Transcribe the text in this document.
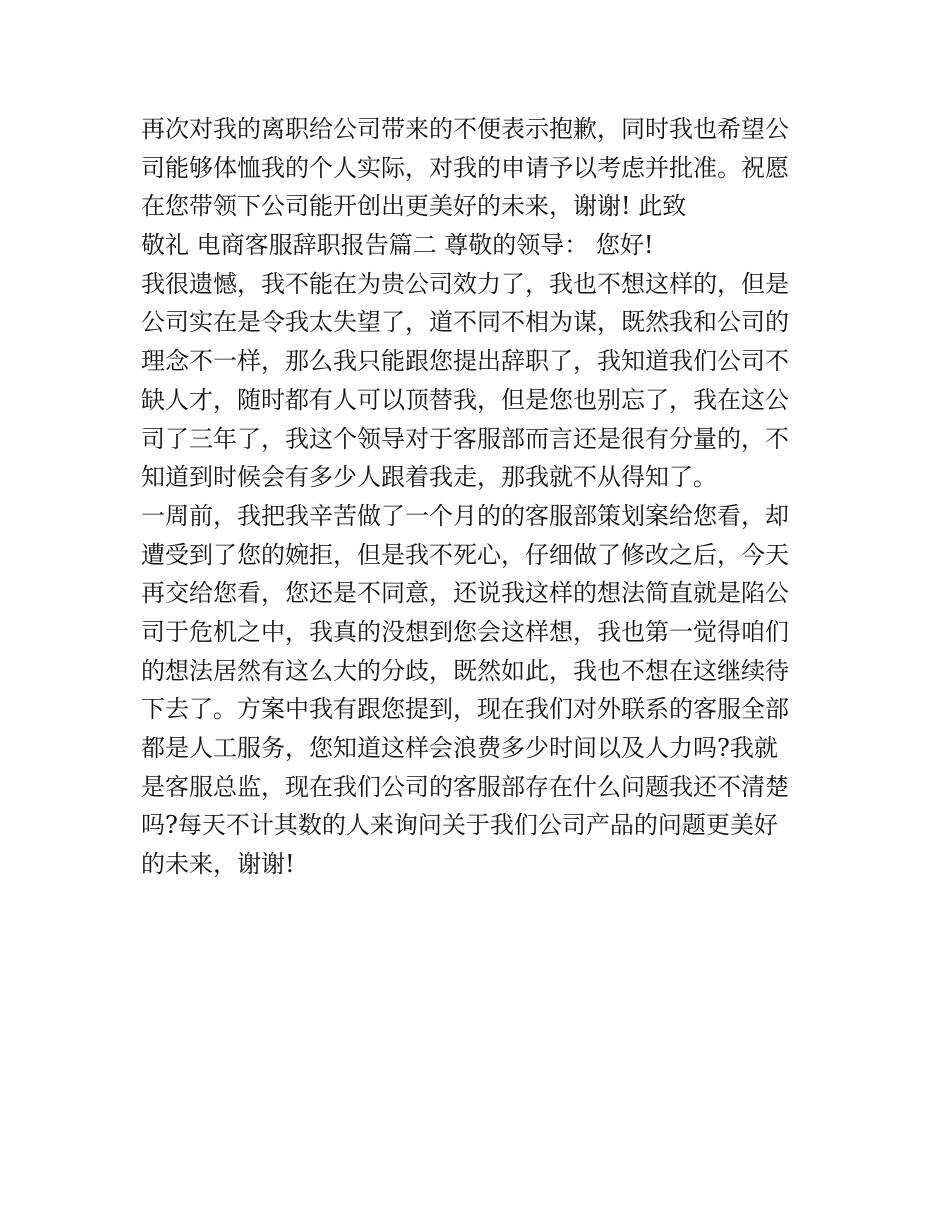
再次对我的离职给公司带来的不便表示抱歉，同时我也希望公

司能够体恤我的个人实际，对我的申请予以考虑并批准。祝愿

在您带领下公司能开创出更美好的未来，谢谢! 此致

敬礼 电商客服辞职报告篇二 尊敬的领导： 您好!

我很遗憾，我不能在为贵公司效力了，我也不想这样的，但是

公司实在是令我太失望了，道不同不相为谋，既然我和公司的

理念不一样，那么我只能跟您提出辞职了，我知道我们公司不

缺人才，随时都有人可以顶替我，但是您也别忘了，我在这公

司了三年了，我这个领导对于客服部而言还是很有分量的，不

知道到时候会有多少人跟着我走，那我就不从得知了。

一周前，我把我辛苦做了一个月的的客服部策划案给您看，却

遭受到了您的婉拒，但是我不死心，仔细做了修改之后，今天

再交给您看，您还是不同意，还说我这样的想法简直就是陷公

司于危机之中，我真的没想到您会这样想，我也第一觉得咱们

的想法居然有这么大的分歧，既然如此，我也不想在这继续待

下去了。方案中我有跟您提到，现在我们对外联系的客服全部

都是人工服务，您知道这样会浪费多少时间以及人力吗?我就

是客服总监，现在我们公司的客服部存在什么问题我还不清楚

吗?每天不计其数的人来询问关于我们公司产品的问题更美好

的未来，谢谢!
